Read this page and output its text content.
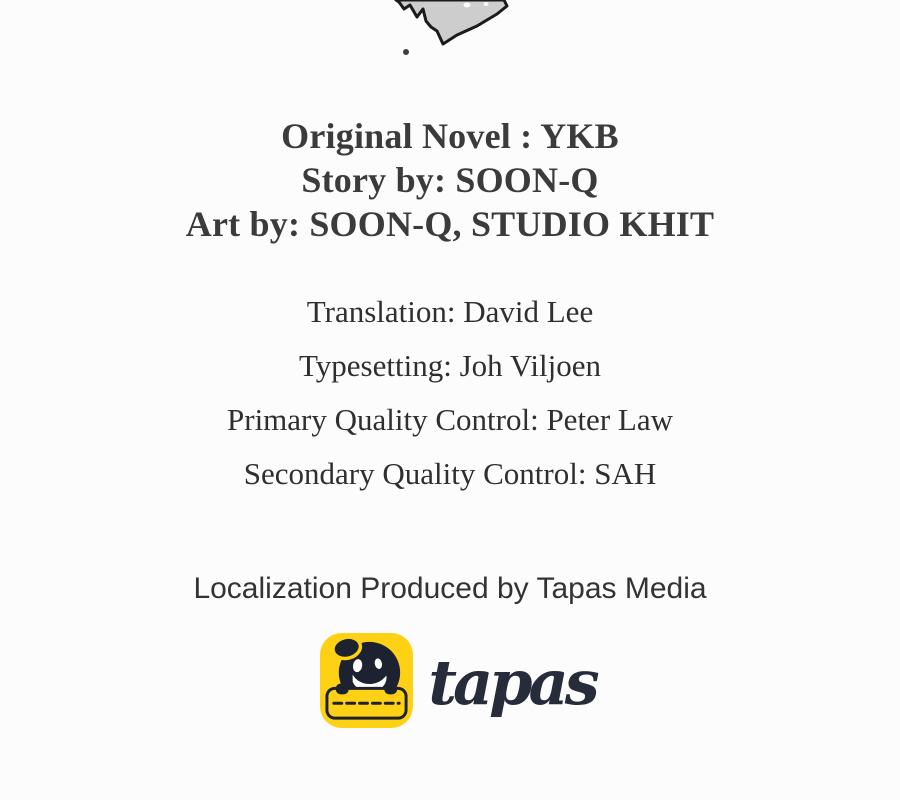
Original Novel : YKB
Story by: SOON-Q
Art by: SOON-Q, STUDIO KHIT
Translation: David Lee
Typesetting: Joh Viljoen
Primary Quality Control: Peter Law
Secondary Quality Control: SAH
Localization Produced by Tapas Media
tapas
